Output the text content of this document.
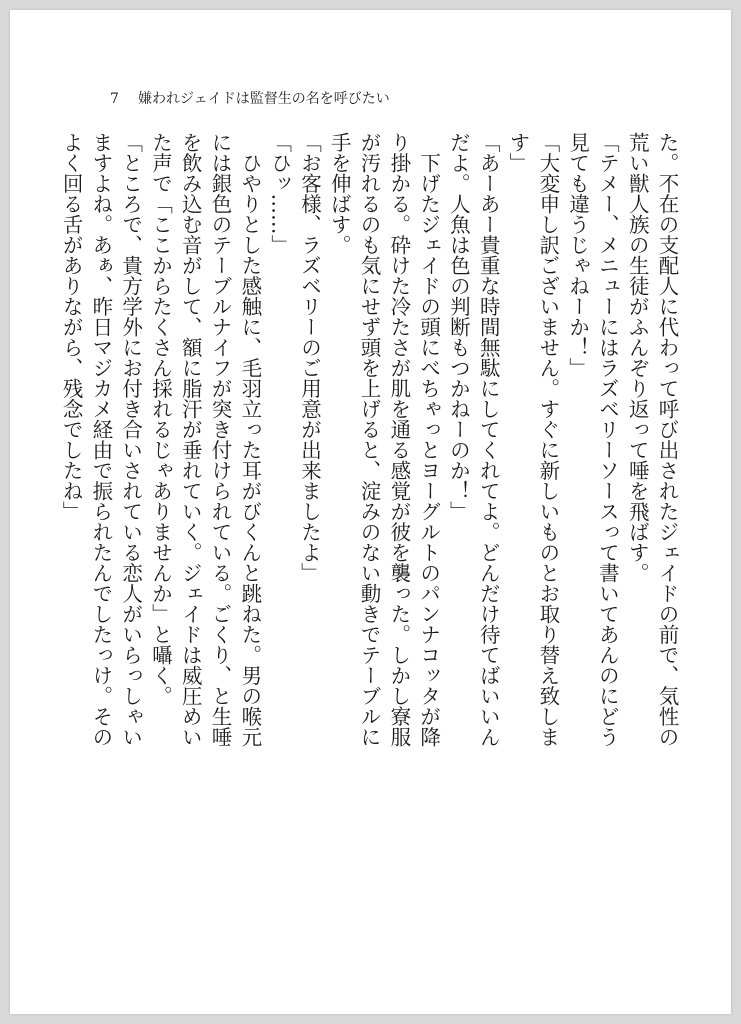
7 嫌われジェイドは監督生の名を呼びたい

た。不在の支配人に代わって呼び出されたジェイドの前で、気性の荒い獣人族の生徒がふんぞり返って唾を飛ばす。

「テメー、メニューにはラズベリーソースって書いてあんのにどう見ても違うじゃねーか！」

「大変申し訳ございません。すぐに新しいものとお取り替え致します」

「あーあー貴重な時間無駄にしてくれてよ。どんだけ待てばいいんだよ。人魚は色の判断もつかねーのか！」

　下げたジェイドの頭にべちゃっとヨーグルトのパンナコッタが降り掛かる。砕けた冷たさが肌を通る感覚が彼を襲った。しかし寮服が汚れるのも気にせず頭を上げると、淀みのない動きでテーブルに手を伸ばす。

「お客様、ラズベリーのご用意が出来ましたよ」

「ひッ……」

　ひやりとした感触に、毛羽立った耳がびくんと跳ねた。男の喉元には銀色のテーブルナイフが突き付けられている。ごくり、と生唾を飲み込む音がして、額に脂汗が垂れていく。ジェイドは威圧めいた声で「ここからたくさん採れるじゃありませんか」と囁く。

「ところで、貴方学外にお付き合いされている恋人がいらっしゃいますよね。あぁ、昨日マジカメ経由で振られたんでしたっけ。そのよく回る舌がありながら、残念でしたね」
